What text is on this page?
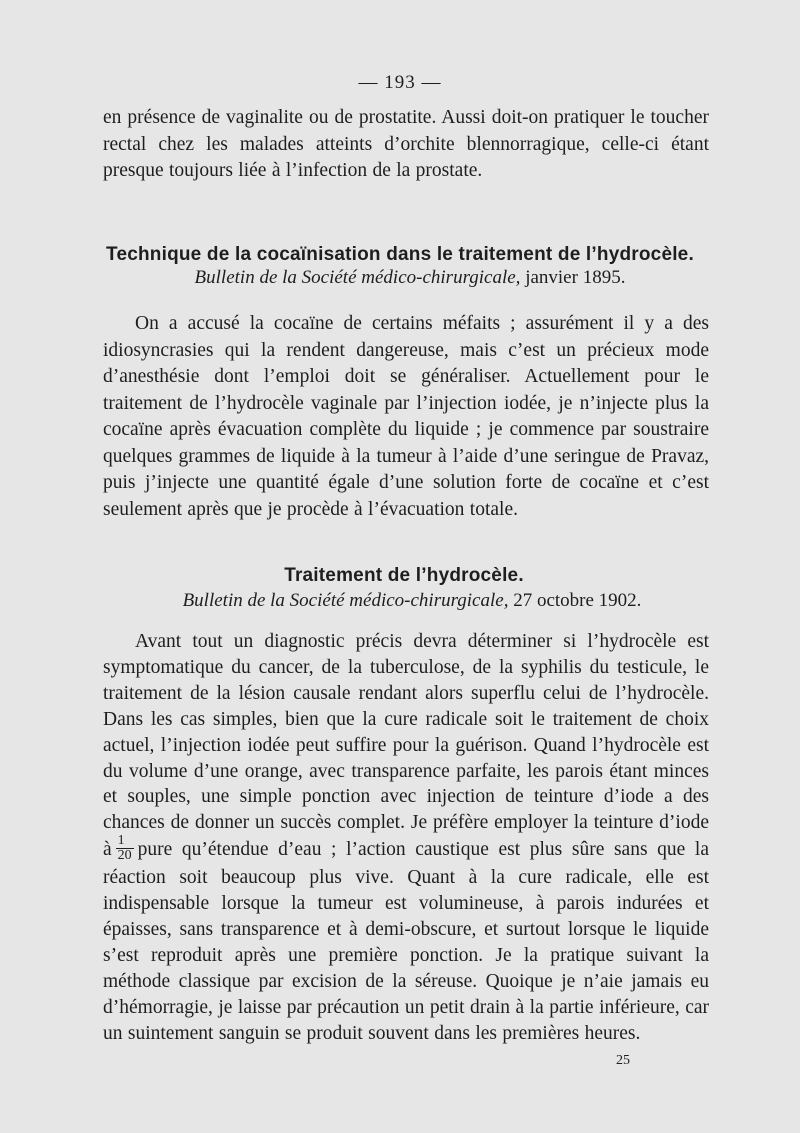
— 193 —

en présence de vaginalite ou de prostatite. Aussi doit-on pratiquer le toucher rectal chez les malades atteints d’orchite blennorragique, celle-ci étant presque toujours liée à l’infection de la prostate.

Technique de la cocaïnisation dans le traitement de l’hydrocèle.
Bulletin de la Société médico-chirurgicale, janvier 1895.

On a accusé la cocaïne de certains méfaits ; assurément il y a des idiosyncrasies qui la rendent dangereuse, mais c’est un précieux mode d’anesthésie dont l’emploi doit se généraliser. Actuellement pour le traitement de l’hydrocèle vaginale par l’injection iodée, je n’injecte plus la cocaïne après évacuation complète du liquide ; je commence par soustraire quelques grammes de liquide à la tumeur à l’aide d’une seringue de Pravaz, puis j’injecte une quantité égale d’une solution forte de cocaïne et c’est seulement après que je procède à l’évacuation totale.

Traitement de l’hydrocèle.
Bulletin de la Société médico-chirurgicale, 27 octobre 1902.

Avant tout un diagnostic précis devra déterminer si l’hydrocèle est symptomatique du cancer, de la tuberculose, de la syphilis du testicule, le traitement de la lésion causale rendant alors superflu celui de l’hydrocèle. Dans les cas simples, bien que la cure radicale soit le traitement de choix actuel, l’injection iodée peut suffire pour la guérison. Quand l’hydrocèle est du volume d’une orange, avec transparence parfaite, les parois étant minces et souples, une simple ponction avec injection de teinture d’iode a des chances de donner un succès complet. Je préfère employer la teinture d’iode à $\frac{1}{20}$ pure qu’étendue d’eau ; l’action caustique est plus sûre sans que la réaction soit beaucoup plus vive. Quant à la cure radicale, elle est indispensable lorsque la tumeur est volumineuse, à parois indurées et épaisses, sans transparence et à demi-obscure, et surtout lorsque le liquide s’est reproduit après une première ponction. Je la pratique suivant la méthode classique par excision de la séreuse. Quoique je n’aie jamais eu d’hémorragie, je laisse par précaution un petit drain à la partie inférieure, car un suintement sanguin se produit souvent dans les premières heures.

25
